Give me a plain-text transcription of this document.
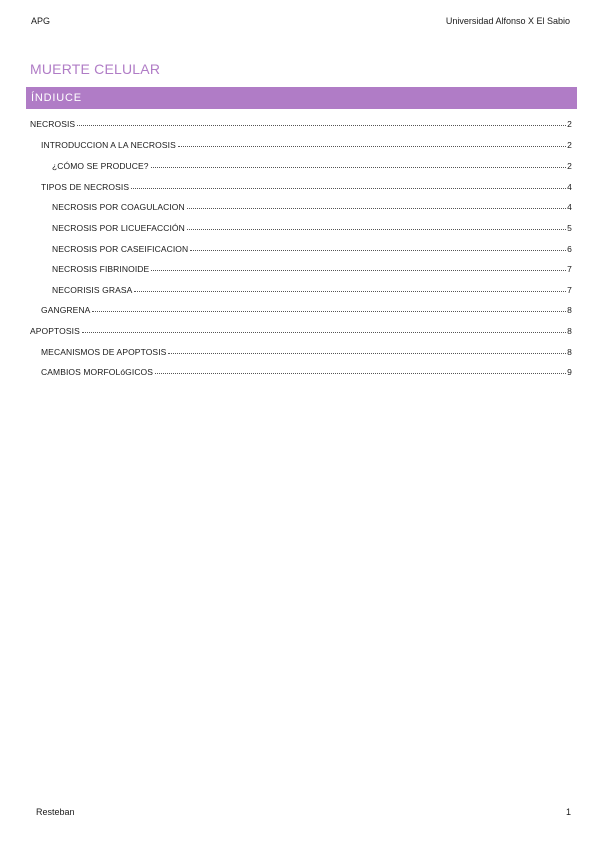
APG	Universidad Alfonso X El Sabio
MUERTE CELULAR
ÍNDIUCE
NECROSIS	2
INTRODUCCION A LA NECROSIS	2
¿CÓMO SE PRODUCE?	2
TIPOS DE NECROSIS	4
NECROSIS POR COAGULACION	4
NECROSIS POR LICUEFACCIÓN	5
NECROSIS POR CASEIFICACION	6
NECROSIS FIBRINOIDE	7
NECORISIS GRASA	7
GANGRENA	8
APOPTOSIS	8
MECANISMOS DE APOPTOSIS	8
CAMBIOS MORFOLóGICOS	9
Resteban	1
